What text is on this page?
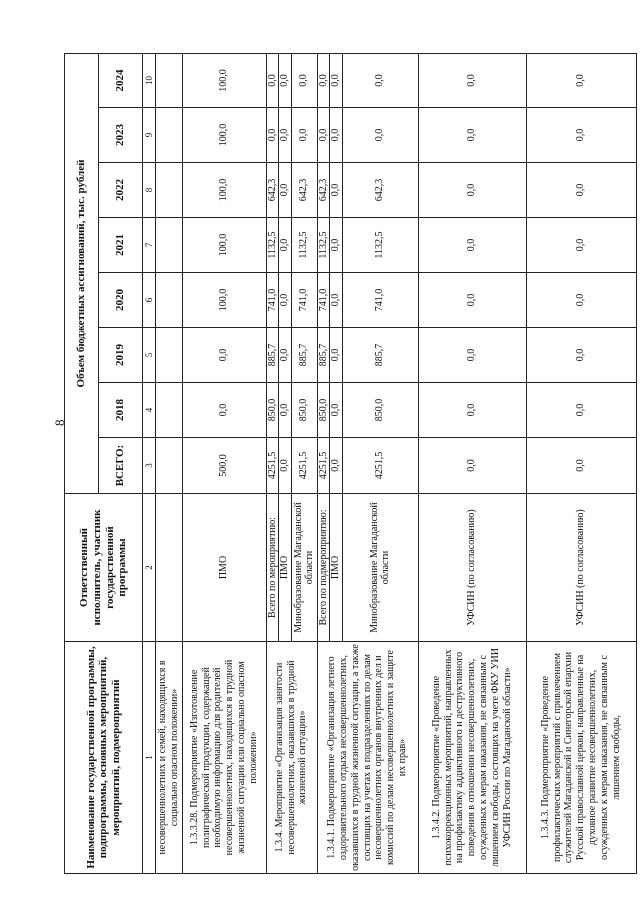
8
Наименование государственной программы, подпрограммы, основных мероприятий, мероприятий, подмероприятий	Ответственный исполнитель, участник государственной программы	Объем бюджетных ассигнований, тыс. рублей							
		ВСЕГО:	2018	2019	2020	2021	2022	2023	2024
1	2	3	4	5	6	7	8	9	10
несовершеннолетних и семей, находящихся в социально опасном положении»									
1.3.3.28. Подмероприятие «Изготовление полиграфической продукции, содержащей необходимую информацию для родителей несовершеннолетних, находящихся в трудной жизненной ситуации или социально опасном положении»	ПМО	500,0	0,0	0,0	100,0	100,0	100,0	100,0	100,0
1.3.4. Мероприятие «Организация занятости несовершеннолетних, оказавшихся в трудной жизненной ситуации»	Всего по мероприятию:	4251,5	850,0	885,7	741,0	1132,5	642,3	0,0	0,0
	ПМО	0,0	0,0	0,0	0,0	0,0	0,0	0,0	0,0
	Минобразование Магаданской области	4251,5	850,0	885,7	741,0	1132,5	642,3	0,0	0,0
1.3.4.1. Подмероприятие «Организация летнего оздоровительного отдыха несовершеннолетних, оказавшихся в трудной жизненной ситуации, а также состоящих на учетах в подразделениях по делам несовершеннолетних органов внутренних дел и комиссий по делам несовершеннолетних и защите их прав»	Всего по подмероприятию:	4251,5	850,0	885,7	741,0	1132,5	642,3	0,0	0,0
	ПМО	0,0	0,0	0,0	0,0	0,0	0,0	0,0	0,0
	Минобразование Магаданской области	4251,5	850,0	885,7	741,0	1132,5	642,3	0,0	0,0
1.3.4.2. Подмероприятие «Проведение психокоррекционных мероприятий, направленных на профилактику аддиктивного и деструктивного поведения в отношении несовершеннолетних, осужденных к мерам наказания, не связанным с лишением свободы, состоящих на учете ФКУ УИИ УФСИН России по Магаданской области»	УФСИН (по согласованию)	0,0	0,0	0,0	0,0	0,0	0,0	0,0	0,0
1.3.4.3. Подмероприятие «Проведение профилактических мероприятий с привлечением служителей Магаданской и Синегорской епархии Русской православной церкви, направленные на духовное развитие несовершеннолетних, осужденных к мерам наказания, не связанным с лишением свободы,	УФСИН (по согласованию)	0,0	0,0	0,0	0,0	0,0	0,0	0,0	0,0
